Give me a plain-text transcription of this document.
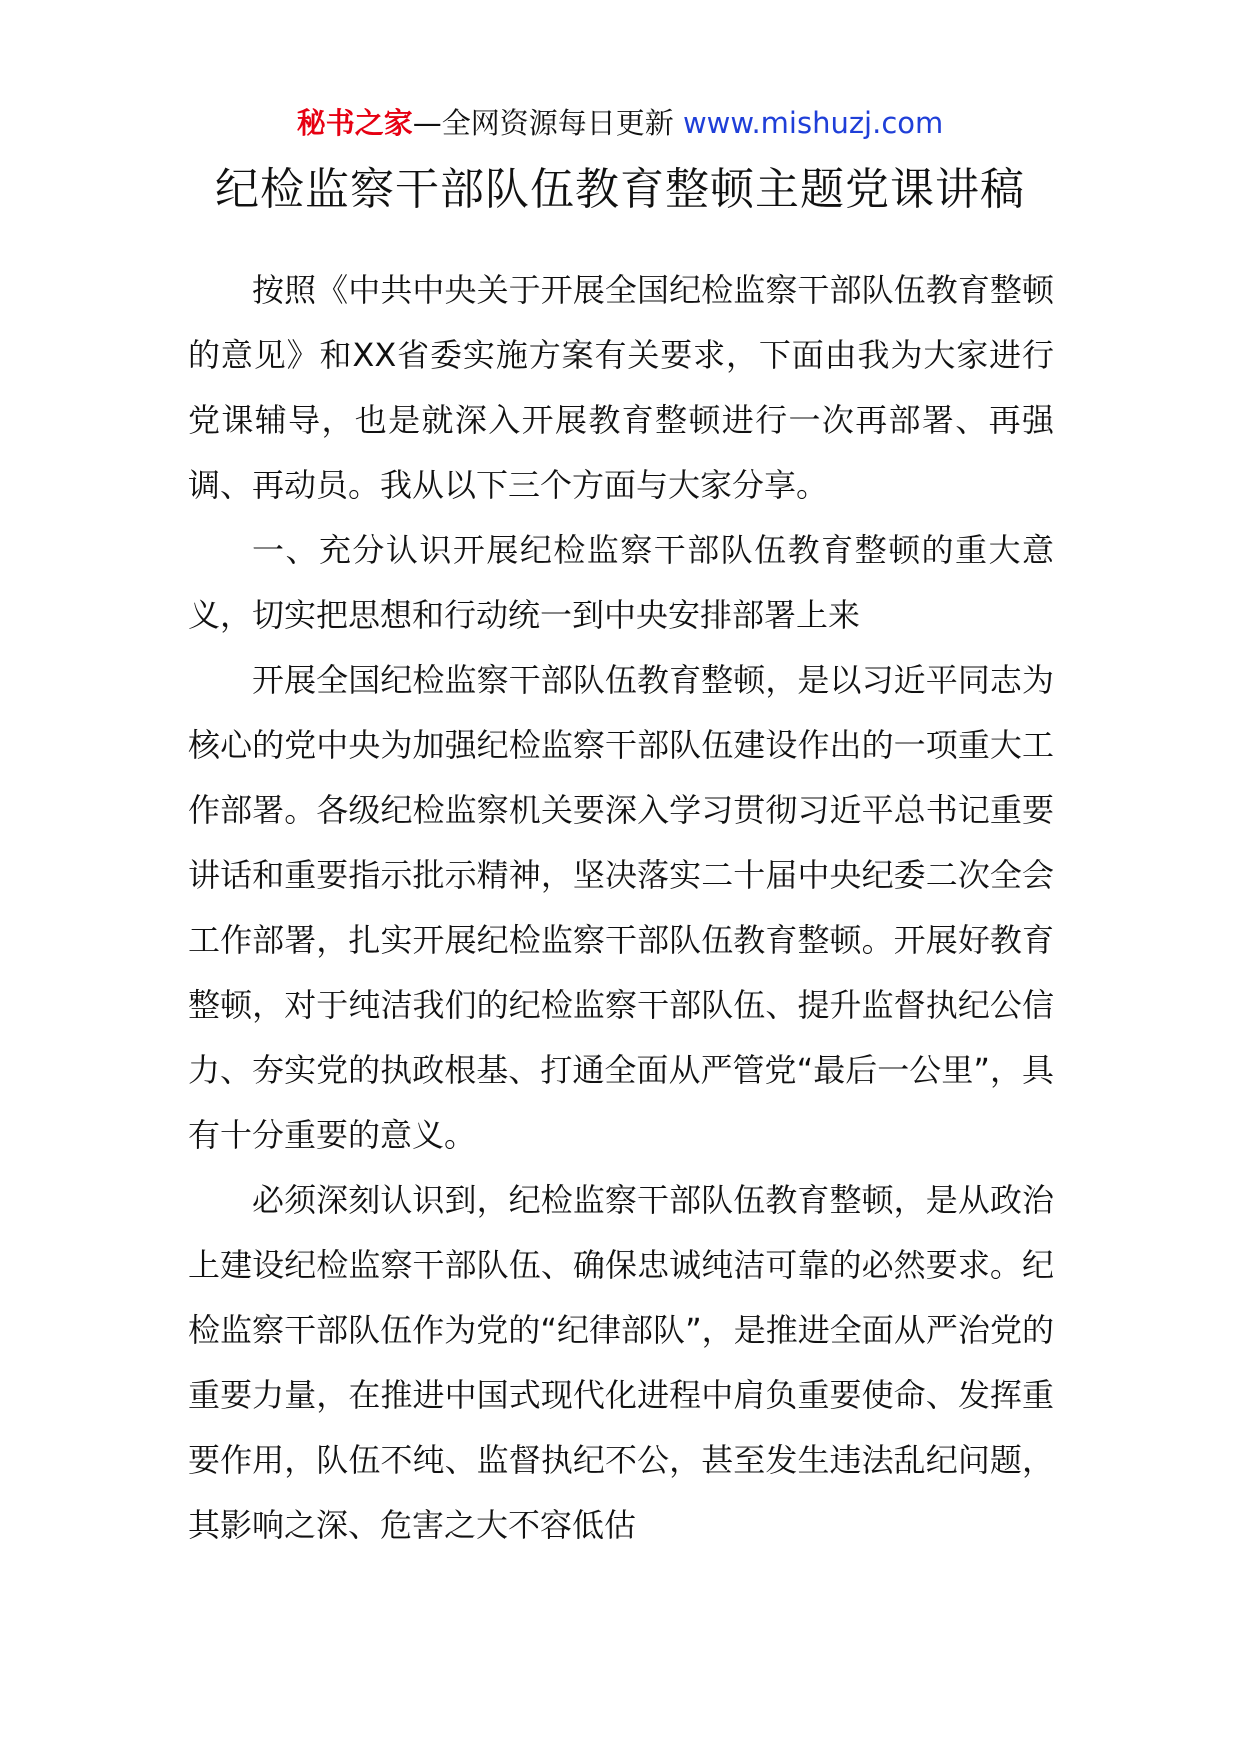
秘书之家—全网资源每日更新 www.mishuzj.com
纪检监察干部队伍教育整顿主题党课讲稿

按照《中共中央关于开展全国纪检监察干部队伍教育整顿的意见》和XX省委实施方案有关要求，下面由我为大家进行党课辅导，也是就深入开展教育整顿进行一次再部署、再强调、再动员。我从以下三个方面与大家分享。

一、充分认识开展纪检监察干部队伍教育整顿的重大意义，切实把思想和行动统一到中央安排部署上来

开展全国纪检监察干部队伍教育整顿，是以习近平同志为核心的党中央为加强纪检监察干部队伍建设作出的一项重大工作部署。各级纪检监察机关要深入学习贯彻习近平总书记重要讲话和重要指示批示精神，坚决落实二十届中央纪委二次全会工作部署，扎实开展纪检监察干部队伍教育整顿。开展好教育整顿，对于纯洁我们的纪检监察干部队伍、提升监督执纪公信力、夯实党的执政根基、打通全面从严管党“最后一公里”，具有十分重要的意义。

必须深刻认识到，纪检监察干部队伍教育整顿，是从政治上建设纪检监察干部队伍、确保忠诚纯洁可靠的必然要求。纪检监察干部队伍作为党的“纪律部队”，是推进全面从严治党的重要力量，在推进中国式现代化进程中肩负重要使命、发挥重要作用，队伍不纯、监督执纪不公，甚至发生违法乱纪问题，其影响之深、危害之大不容低估
